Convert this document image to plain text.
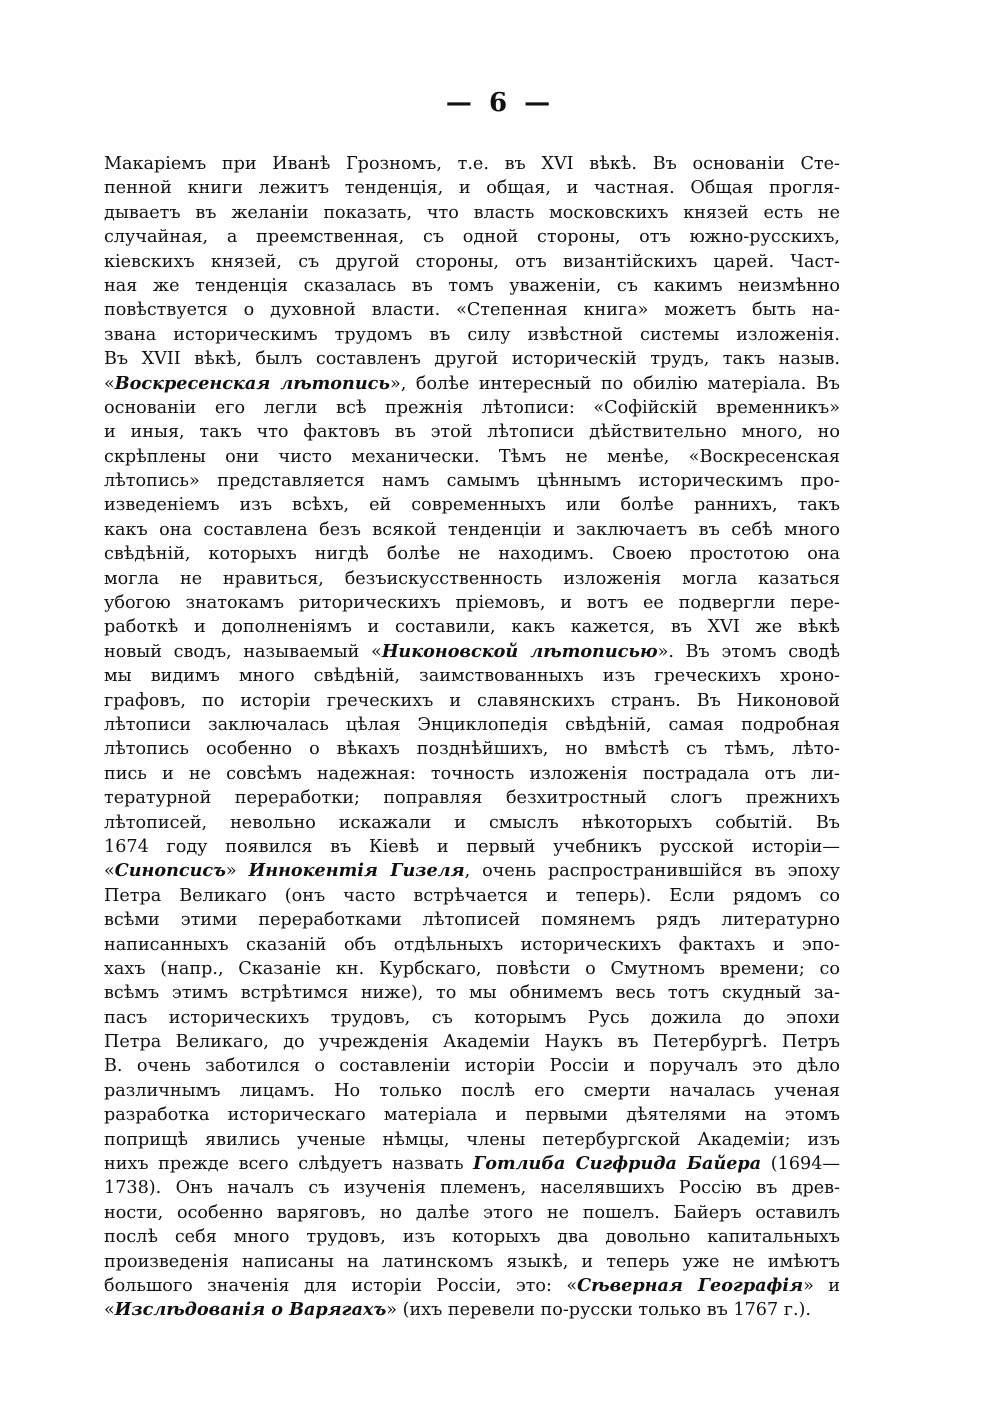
— 6 —
Макаріемъ при Иванѣ Грозномъ, т.е. въ XVI вѣкѣ. Въ основаніи Сте-
пенной книги лежитъ тенденція, и общая, и частная. Общая прогля-
дываетъ въ желаніи показать, что власть московскихъ князей есть не
случайная, а преемственная, съ одной стороны, отъ южно-русскихъ,
кіевскихъ князей, съ другой стороны, отъ византійскихъ царей. Част-
ная же тенденція сказалась въ томъ уваженіи, съ какимъ неизмѣнно
повѣствуется о духовной власти. «Степенная книга» можетъ быть на-
звана историческимъ трудомъ въ силу извѣстной системы изложенія.
Въ XVII вѣкѣ, былъ составленъ другой историческій трудъ, такъ назыв.
«Воскресенская лѣтопись», болѣе интересный по обилію матеріала. Въ
основаніи его легли всѣ прежнія лѣтописи: «Софійскій временникъ»
и иныя, такъ что фактовъ въ этой лѣтописи дѣйствительно много, но
скрѣплены они чисто механически. Тѣмъ не менѣе, «Воскресенская
лѣтопись» представляется намъ самымъ цѣннымъ историческимъ про-
изведеніемъ изъ всѣхъ, ей современныхъ или болѣе раннихъ, такъ
какъ она составлена безъ всякой тенденціи и заключаетъ въ себѣ много
свѣдѣній, которыхъ нигдѣ болѣе не находимъ. Своею простотою она
могла не нравиться, безъискусственность изложенія могла казаться
убогою знатокамъ риторическихъ пріемовъ, и вотъ ее подвергли пере-
работкѣ и дополненіямъ и составили, какъ кажется, въ XVI же вѣкѣ
новый сводъ, называемый «Никоновской лѣтописью». Въ этомъ сводѣ
мы видимъ много свѣдѣній, заимствованныхъ изъ греческихъ хроно-
графовъ, по исторіи греческихъ и славянскихъ странъ. Въ Никоновой
лѣтописи заключалась цѣлая Энциклопедія свѣдѣній, самая подробная
лѣтопись особенно о вѣкахъ позднѣйшихъ, но вмѣстѣ съ тѣмъ, лѣто-
пись и не совсѣмъ надежная: точность изложенія пострадала отъ ли-
тературной переработки; поправляя безхитростный слогъ прежнихъ
лѣтописей, невольно искажали и смыслъ нѣкоторыхъ событій. Въ
1674 году появился въ Кіевѣ и первый учебникъ русской исторіи—
«Синопсисъ» Иннокентія Гизеля, очень распространившійся въ эпоху
Петра Великаго (онъ часто встрѣчается и теперь). Если рядомъ со
всѣми этими переработками лѣтописей помянемъ рядъ литературно
написанныхъ сказаній объ отдѣльныхъ историческихъ фактахъ и эпо-
хахъ (напр., Сказаніе кн. Курбскаго, повѣсти о Смутномъ времени; со
всѣмъ этимъ встрѣтимся ниже), то мы обнимемъ весь тотъ скудный за-
пасъ историческихъ трудовъ, съ которымъ Русь дожила до эпохи
Петра Великаго, до учрежденія Академіи Наукъ въ Петербургѣ. Петръ
В. очень заботился о составленіи исторіи Россіи и поручалъ это дѣло
различнымъ лицамъ. Но только послѣ его смерти началась ученая
разработка историческаго матеріала и первыми дѣятелями на этомъ
поприщѣ явились ученые нѣмцы, члены петербургской Академіи; изъ
нихъ прежде всего слѣдуетъ назвать Готлиба Сигфрида Байера (1694—
1738). Онъ началъ съ изученія племенъ, населявшихъ Россію въ древ-
ности, особенно варяговъ, но далѣе этого не пошелъ. Байеръ оставилъ
послѣ себя много трудовъ, изъ которыхъ два довольно капитальныхъ
произведенія написаны на латинскомъ языкѣ, и теперь уже не имѣютъ
большого значенія для исторіи Россіи, это: «Сѣверная Географія» и
«Изслѣдованія о Варягахъ» (ихъ перевели по-русски только въ 1767 г.).
